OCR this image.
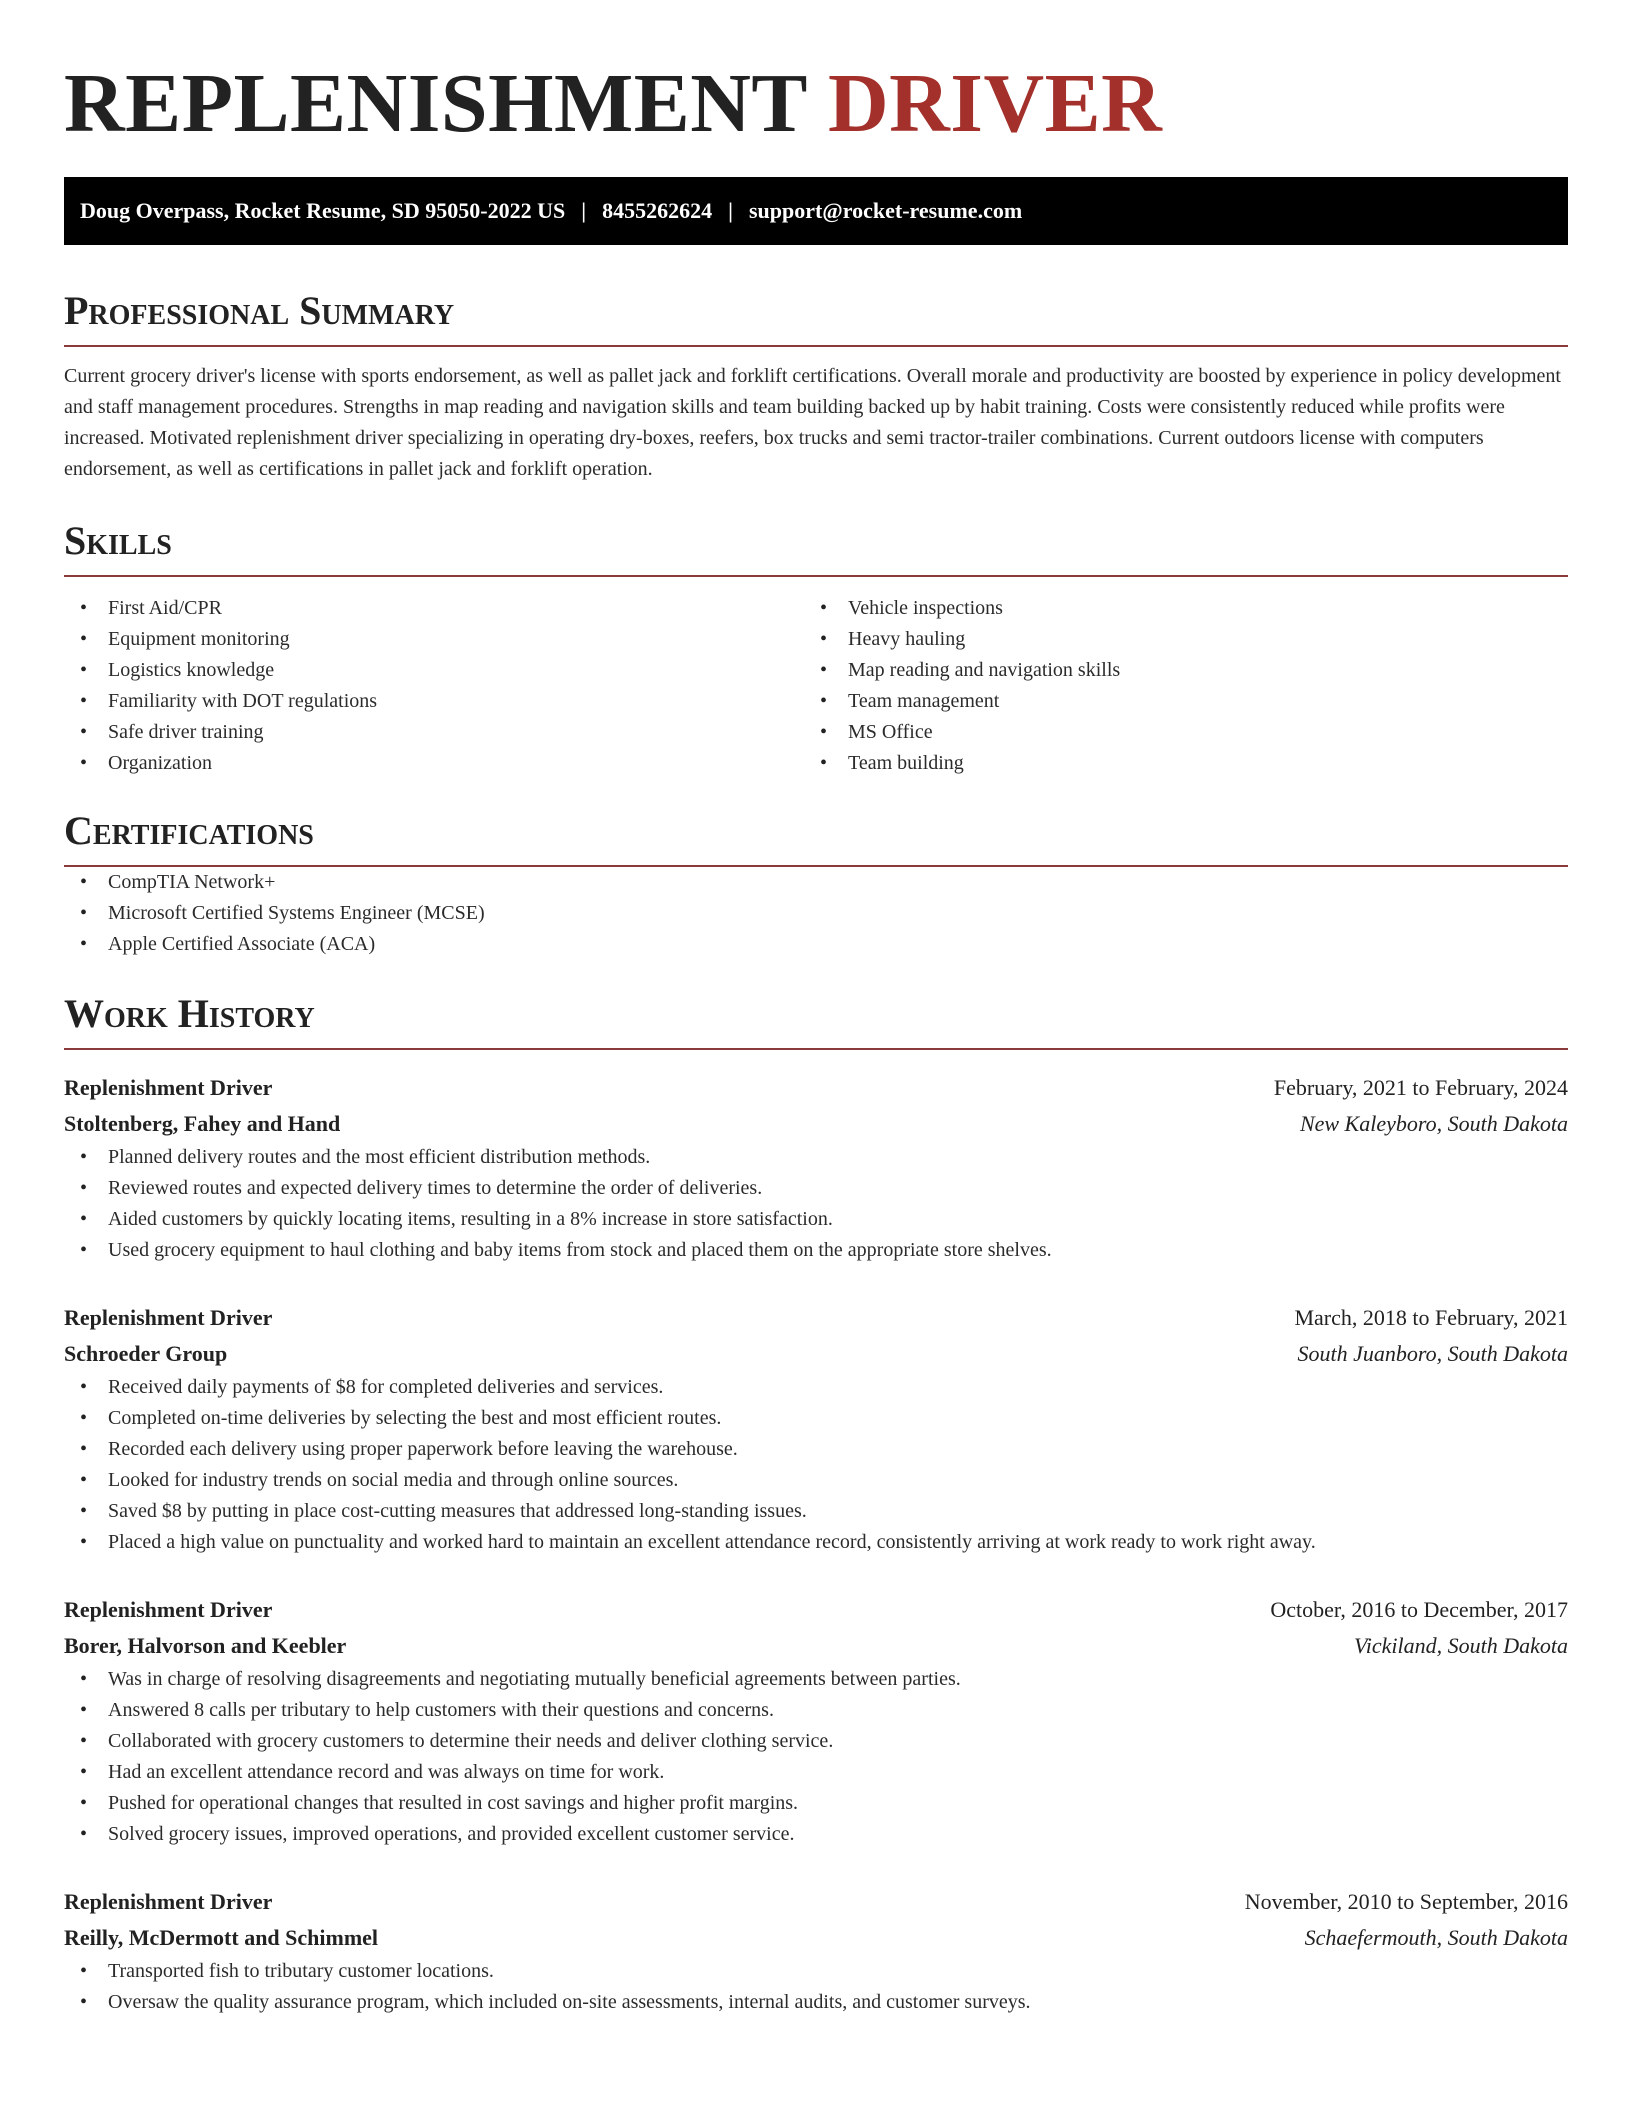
REPLENISHMENT DRIVER
Doug Overpass, Rocket Resume, SD 95050-2022 US | 8455262624 | support@rocket-resume.com
Professional Summary

Current grocery driver's license with sports endorsement, as well as pallet jack and forklift certifications. Overall morale and productivity are boosted by experience in policy development and staff management procedures. Strengths in map reading and navigation skills and team building backed up by habit training. Costs were consistently reduced while profits were increased. Motivated replenishment driver specializing in operating dry-boxes, reefers, box trucks and semi tractor-trailer combinations. Current outdoors license with computers endorsement, as well as certifications in pallet jack and forklift operation.

Skills
• First Aid/CPR
• Equipment monitoring
• Logistics knowledge
• Familiarity with DOT regulations
• Safe driver training
• Organization
• Vehicle inspections
• Heavy hauling
• Map reading and navigation skills
• Team management
• MS Office
• Team building
Certifications
• CompTIA Network+
• Microsoft Certified Systems Engineer (MCSE)
• Apple Certified Associate (ACA)
Work History
Replenishment Driver	February, 2021 to February, 2024
Stoltenberg, Fahey and Hand	New Kaleyboro, South Dakota
• Planned delivery routes and the most efficient distribution methods.
• Reviewed routes and expected delivery times to determine the order of deliveries.
• Aided customers by quickly locating items, resulting in a 8% increase in store satisfaction.
• Used grocery equipment to haul clothing and baby items from stock and placed them on the appropriate store shelves.
Replenishment Driver	March, 2018 to February, 2021
Schroeder Group	South Juanboro, South Dakota
• Received daily payments of $8 for completed deliveries and services.
• Completed on-time deliveries by selecting the best and most efficient routes.
• Recorded each delivery using proper paperwork before leaving the warehouse.
• Looked for industry trends on social media and through online sources.
• Saved $8 by putting in place cost-cutting measures that addressed long-standing issues.
• Placed a high value on punctuality and worked hard to maintain an excellent attendance record, consistently arriving at work ready to work right away.
Replenishment Driver	October, 2016 to December, 2017
Borer, Halvorson and Keebler	Vickiland, South Dakota
• Was in charge of resolving disagreements and negotiating mutually beneficial agreements between parties.
• Answered 8 calls per tributary to help customers with their questions and concerns.
• Collaborated with grocery customers to determine their needs and deliver clothing service.
• Had an excellent attendance record and was always on time for work.
• Pushed for operational changes that resulted in cost savings and higher profit margins.
• Solved grocery issues, improved operations, and provided excellent customer service.
Replenishment Driver	November, 2010 to September, 2016
Reilly, McDermott and Schimmel	Schaefermouth, South Dakota
• Transported fish to tributary customer locations.
• Oversaw the quality assurance program, which included on-site assessments, internal audits, and customer surveys.
